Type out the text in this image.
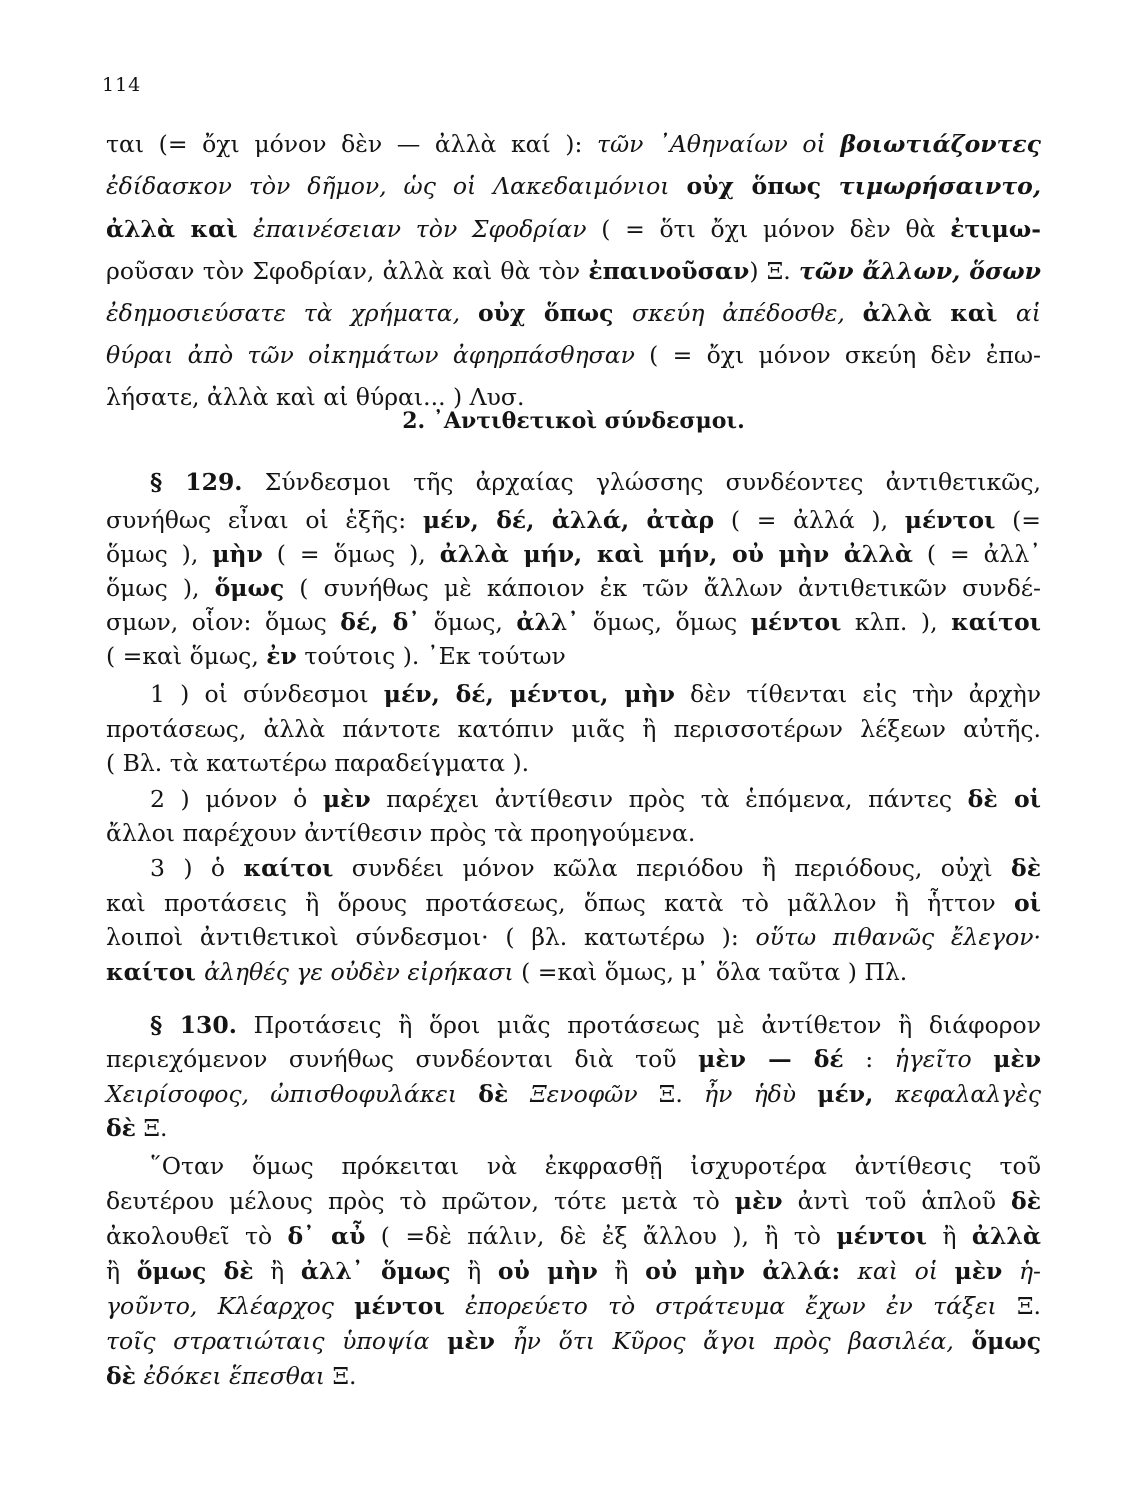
114
ται (= ὄχι μόνον δὲν — ἀλλὰ καί ): τῶν ᾿Αθηναίων οἱ βοιωτιάζοντες
ἐδίδασκον τὸν δῆμον, ὡς οἱ Λακεδαιμόνιοι οὐχ ὅπως τιμωρήσαιντο,
ἀλλὰ καὶ ἐπαινέσειαν τὸν Σφοδρίαν ( = ὅτι ὄχι μόνον δὲν θὰ ἐτιμω-
ροῦσαν τὸν Σφοδρίαν, ἀλλὰ καὶ θὰ τὸν ἐπαινοῦσαν) Ξ. τῶν ἄλλων, ὅσων
ἐδημοσιεύσατε τὰ χρήματα, οὐχ ὅπως σκεύη ἀπέδοσθε, ἀλλὰ καὶ αἱ
θύραι ἀπὸ τῶν οἰκημάτων ἀφηρπάσθησαν ( = ὄχι μόνον σκεύη δὲν ἐπω-
λήσατε, ἀλλὰ καὶ αἱ θύραι... ) Λυσ.
2. ᾿Αντιθετικοὶ σύνδεσμοι.
§ 129. Σύνδεσμοι τῆς ἀρχαίας γλώσσης συνδέοντες ἀντιθετικῶς,
συνήθως εἶναι οἱ ἑξῆς: μέν, δέ, ἀλλά, ἀτὰρ ( = ἀλλά ), μέντοι (=
ὅμως ), μὴν ( = ὅμως ), ἀλλὰ μήν, καὶ μήν, οὐ μὴν ἀλλὰ ( = ἀλλ᾿
ὅμως ), ὅμως ( συνήθως μὲ κάποιον ἐκ τῶν ἄλλων ἀντιθετικῶν συνδέ-
σμων, οἷον: ὅμως δέ, δ᾿ ὅμως, ἀλλ᾿ ὅμως, ὅμως μέντοι κλπ. ), καίτοι
( =καὶ ὅμως, ἐν τούτοις ). ᾿Εκ τούτων
1 ) οἱ σύνδεσμοι μέν, δέ, μέντοι, μὴν δὲν τίθενται εἰς τὴν ἀρχὴν
προτάσεως, ἀλλὰ πάντοτε κατόπιν μιᾶς ἢ περισσοτέρων λέξεων αὐτῆς.
( Βλ. τὰ κατωτέρω παραδείγματα ).
2 ) μόνον ὁ μὲν παρέχει ἀντίθεσιν πρὸς τὰ ἑπόμενα, πάντες δὲ οἱ
ἄλλοι παρέχουν ἀντίθεσιν πρὸς τὰ προηγούμενα.
3 ) ὁ καίτοι συνδέει μόνον κῶλα περιόδου ἢ περιόδους, οὐχὶ δὲ
καὶ προτάσεις ἢ ὅρους προτάσεως, ὅπως κατὰ τὸ μᾶλλον ἢ ἧττον οἱ
λοιποὶ ἀντιθετικοὶ σύνδεσμοι· ( βλ. κατωτέρω ): οὕτω πιθανῶς ἔλεγον·
καίτοι ἀληθές γε οὐδὲν εἰρήκασι ( =καὶ ὅμως, μ᾿ ὅλα ταῦτα ) Πλ.
§ 130. Προτάσεις ἢ ὅροι μιᾶς προτάσεως μὲ ἀντίθετον ἢ διάφορον
περιεχόμενον συνήθως συνδέονται διὰ τοῦ μὲν — δέ : ἡγεῖτο μὲν
Χειρίσοφος, ὠπισθοφυλάκει δὲ Ξενοφῶν Ξ. ἦν ἡδὺ μέν, κεφαλαλγὲς
δὲ Ξ.
῞Οταν ὅμως πρόκειται νὰ ἐκφρασθῇ ἰσχυροτέρα ἀντίθεσις τοῦ
δευτέρου μέλους πρὸς τὸ πρῶτον, τότε μετὰ τὸ μὲν ἀντὶ τοῦ ἁπλοῦ δὲ
ἀκολουθεῖ τὸ δ᾿ αὖ ( =δὲ πάλιν, δὲ ἐξ ἄλλου ), ἢ τὸ μέντοι ἢ ἀλλὰ
ἢ ὅμως δὲ ἢ ἀλλ᾿ ὅμως ἢ οὐ μὴν ἢ οὐ μὴν ἀλλά: καὶ οἱ μὲν ἡ-
γοῦντο, Κλέαρχος μέντοι ἐπορεύετο τὸ στράτευμα ἔχων ἐν τάξει Ξ.
τοῖς στρατιώταις ὑποψία μὲν ἦν ὅτι Κῦρος ἄγοι πρὸς βασιλέα, ὅμως
δὲ ἐδόκει ἕπεσθαι Ξ.
